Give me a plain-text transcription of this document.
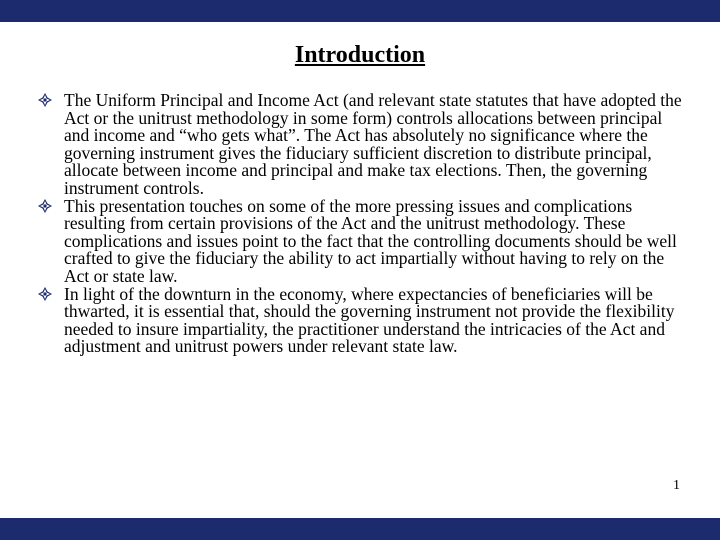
Introduction
The Uniform Principal and Income Act (and relevant state statutes that have adopted the Act or the unitrust methodology in some form) controls allocations between principal and income and “who gets what”. The Act has absolutely no significance where the governing instrument gives the fiduciary sufficient discretion to distribute principal, allocate between income and principal and make tax elections. Then, the governing instrument controls.
This presentation touches on some of the more pressing issues and complications resulting from certain provisions of the Act and the unitrust methodology. These complications and issues point to the fact that the controlling documents should be well crafted to give the fiduciary the ability to act impartially without having to rely on the Act or state law.
In light of the downturn in the economy, where expectancies of beneficiaries will be thwarted, it is essential that, should the governing instrument not provide the flexibility needed to insure impartiality, the practitioner understand the intricacies of the Act and adjustment and unitrust powers under relevant state law.
1
